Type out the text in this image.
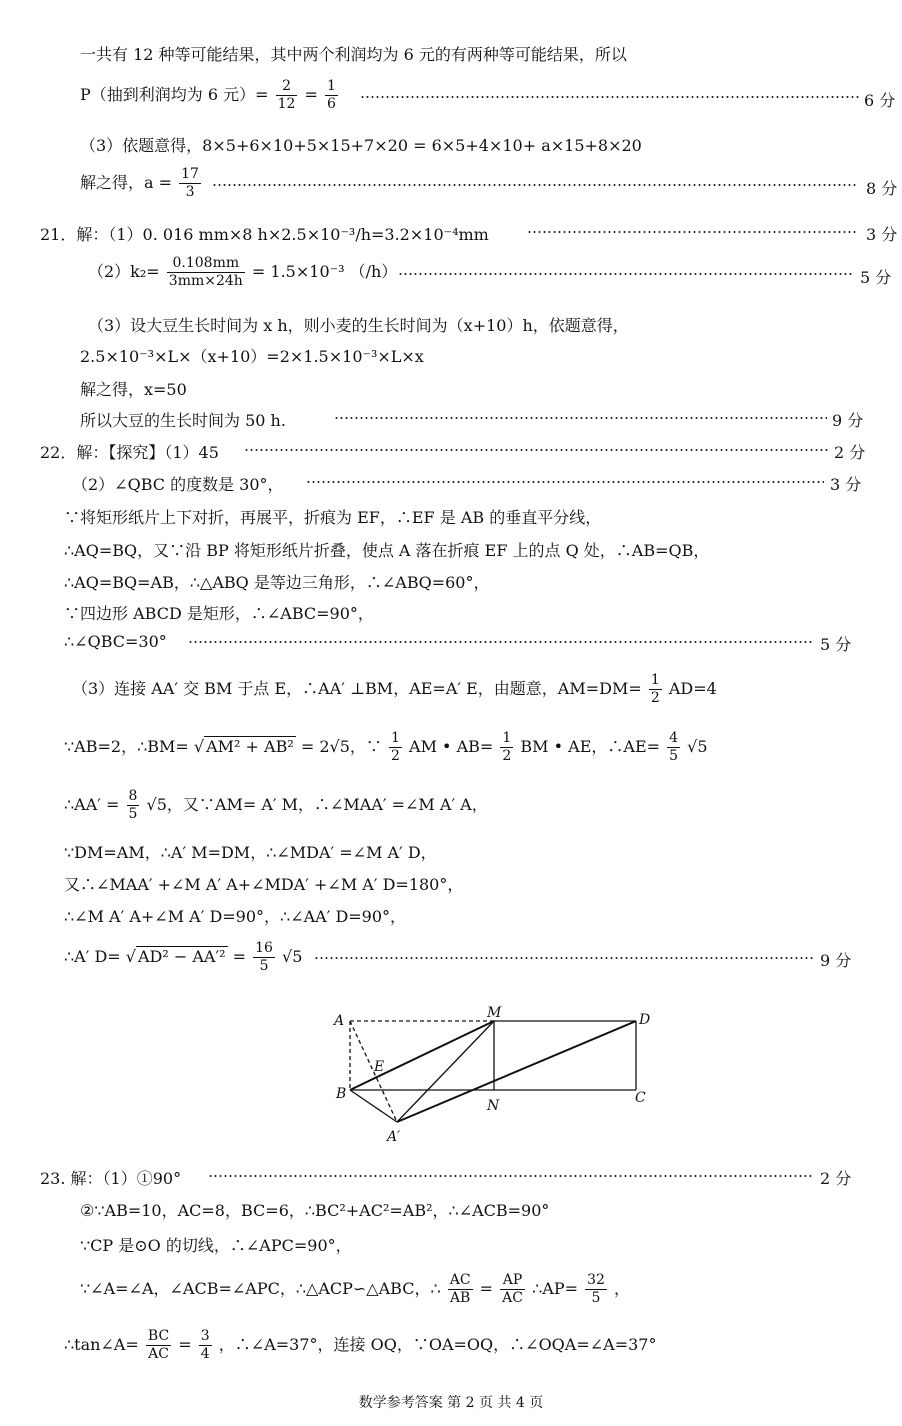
一共有 12 种等可能结果，其中两个利润均为 6 元的有两种等可能结果，所以
P（抽到利润均为 6 元）= $\frac{2}{12} = \frac{1}{6}$	6 分
（3）依题意得，8×5+6×10+5×15+7×20 = 6×5+4×10+ a×15+8×20
解之得，$a = \frac{17}{3}$	8 分
21．解：（1）0. 016 mm×8 h×2.5×10⁻³/h=3.2×10⁻⁴mm	3 分
$(2)k_2= \frac{0.108mm}{3mm\times 24h} = 1.5\times 10^{-3}$ （/h）	5 分
（3）设大豆生长时间为 x h，则小麦的生长时间为（x+10）h，依题意得，
2.5×10⁻³×L×（x+10）=2×1.5×10⁻³×L×x
解之得，x=50
所以大豆的生长时间为 50 h.	9 分
22．解：【探究】（1）45	2 分
（2）∠QBC 的度数是 30°，	3 分
∵将矩形纸片上下对折，再展平，折痕为 EF，∴EF 是 AB 的垂直平分线，
∴AQ=BQ，又∵沿 BP 将矩形纸片折叠，使点 A 落在折痕 EF 上的点 Q 处，∴AB=QB，
∴AQ=BQ=AB，∴△ABQ 是等边三角形，∴∠ABQ=60°，
∵四边形 ABCD 是矩形，∴∠ABC=90°，
∴∠QBC=30°	5 分
（3）连接 AA′ 交 BM 于点 E，∴AA′ ⊥BM，AE=A′ E，由题意，$AM=DM= \frac{1}{2} AD=4$
∵AB=2，∴BM= √ AM² + AB² = 2√5，∵ $\frac{1}{2}$ AM • $AB= \frac{1}{2}$ BM • AE，∴AE= $\frac{4}{5} √5$
∴AA′ = $\frac{8}{5} √5$，又∵AM= A′ M，∴∠MAA′ =∠M A′ A，
∵DM=AM，∴A′ M=DM，∴∠MDA′ =∠M A′ D，
又∴∠MAA′ +∠M A′ A+∠MDA′ +∠M A′ D=180°，
∴∠M A′ A+∠M A′ D=90°，∴∠AA′ D=90°，
∴A′ D= √ $AD^2 - AA'^2 = \frac{16}{5} √5$	9 分
A	M	D
E
B
N	C
A′
23. 解：（1）①90°	2 分
②∵AB=10，AC=8，BC=6，∴BC²+AC²=AB²，∴∠ACB=90°
∵CP 是⊙O 的切线，∴∠APC=90°，
∵∠A=∠A，∠ACB=∠APC，∴△ACP∽△ABC，∴ $\frac{AC}{AB} = \frac{AP}{AC}$ ∴AP= $\frac{32}{5}$ ，
∴tan∠A= $\frac{BC}{AC} = \frac{3}{4}$ ，∴∠A=37°，连接 OQ，∵OA=OQ，∴∠OQA=∠A=37°
数学参考答案 第 2 页 共 4 页
